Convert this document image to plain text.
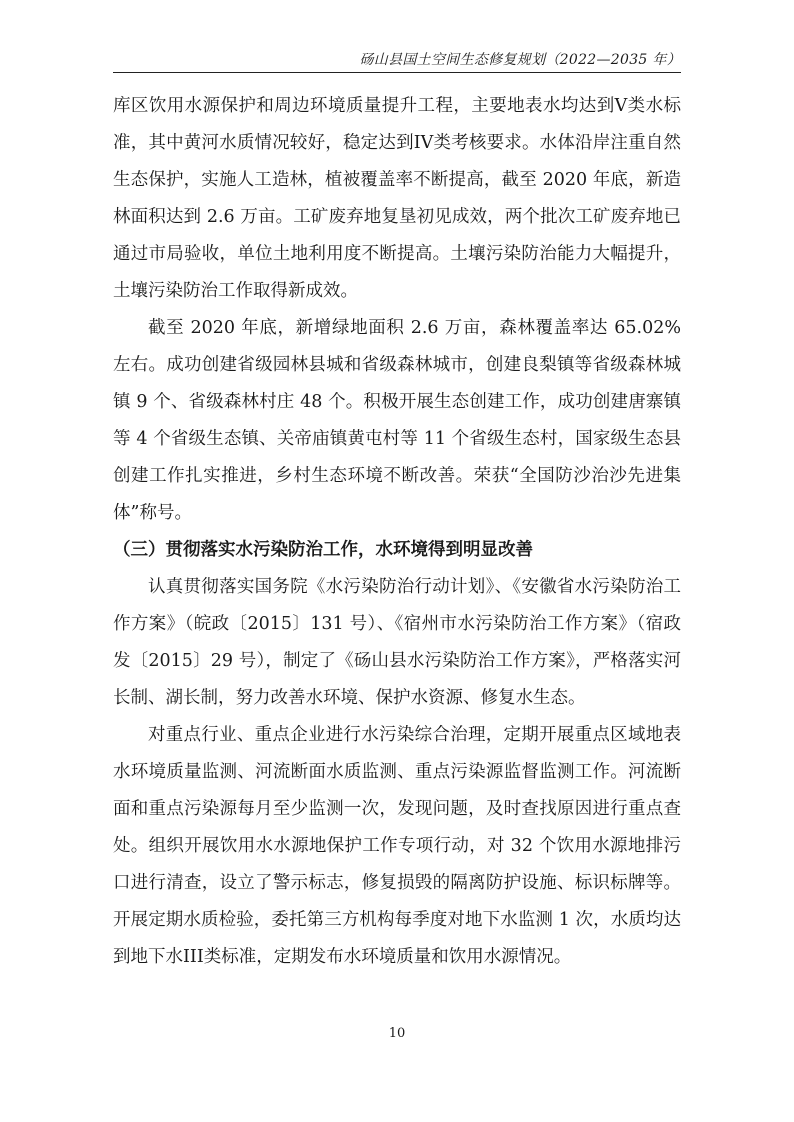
砀山县国土空间生态修复规划（2022—2035 年）

库区饮用水源保护和周边环境质量提升工程，主要地表水均达到V类水标准，其中黄河水质情况较好，稳定达到IV类考核要求。水体沿岸注重自然生态保护，实施人工造林，植被覆盖率不断提高，截至 2020 年底，新造林面积达到 2.6 万亩。工矿废弃地复垦初见成效，两个批次工矿废弃地已通过市局验收，单位土地利用度不断提高。土壤污染防治能力大幅提升，土壤污染防治工作取得新成效。

截至 2020 年底，新增绿地面积 2.6 万亩，森林覆盖率达 65.02%左右。成功创建省级园林县城和省级森林城市，创建良梨镇等省级森林城镇 9 个、省级森林村庄 48 个。积极开展生态创建工作，成功创建唐寨镇等 4 个省级生态镇、关帝庙镇黄屯村等 11 个省级生态村，国家级生态县创建工作扎实推进，乡村生态环境不断改善。荣获“全国防沙治沙先进集体”称号。

（三）贯彻落实水污染防治工作，水环境得到明显改善

认真贯彻落实国务院《水污染防治行动计划》、《安徽省水污染防治工作方案》（皖政〔2015〕131 号）、《宿州市水污染防治工作方案》（宿政发〔2015〕29 号），制定了《砀山县水污染防治工作方案》，严格落实河长制、湖长制，努力改善水环境、保护水资源、修复水生态。

对重点行业、重点企业进行水污染综合治理，定期开展重点区域地表水环境质量监测、河流断面水质监测、重点污染源监督监测工作。河流断面和重点污染源每月至少监测一次，发现问题，及时查找原因进行重点查处。组织开展饮用水水源地保护工作专项行动，对 32 个饮用水源地排污口进行清查，设立了警示标志，修复损毁的隔离防护设施、标识标牌等。开展定期水质检验，委托第三方机构每季度对地下水监测 1 次，水质均达到地下水III类标准，定期发布水环境质量和饮用水源情况。

10
